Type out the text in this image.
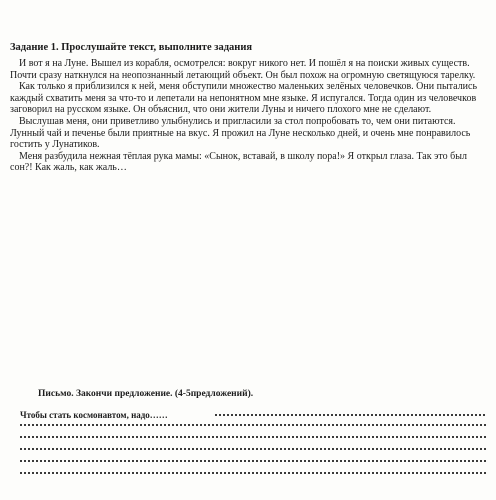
Задание 1. Прослушайте текст, выполните задания

И вот я на Луне. Вышел из корабля, осмотрелся: вокруг никого нет. И пошёл я на поиски живых существ. Почти сразу наткнулся на неопознанный летающий объект. Он был похож на огромную светящуюся тарелку.

Как только я приблизился к ней, меня обступили множество маленьких зелёных человечков. Они пытались каждый схватить меня за что-то и лепетали на непонятном мне языке. Я испугался. Тогда один из человечков заговорил на русском языке. Он объяснил, что они жители Луны и ничего плохого мне не сделают.

Выслушав меня, они приветливо улыбнулись и пригласили за стол попробовать то, чем они питаются. Лунный чай и печенье были приятные на вкус. Я прожил на Луне несколько дней, и очень мне понравилось гостить у Лунатиков.

Меня разбудила нежная тёплая рука мамы: «Сынок, вставай, в школу пора!» Я открыл глаза. Так это был сон?! Как жаль, как жаль…

Письмо. Закончи предложение. (4-5предложений).
Чтобы стать космонавтом, надо……
